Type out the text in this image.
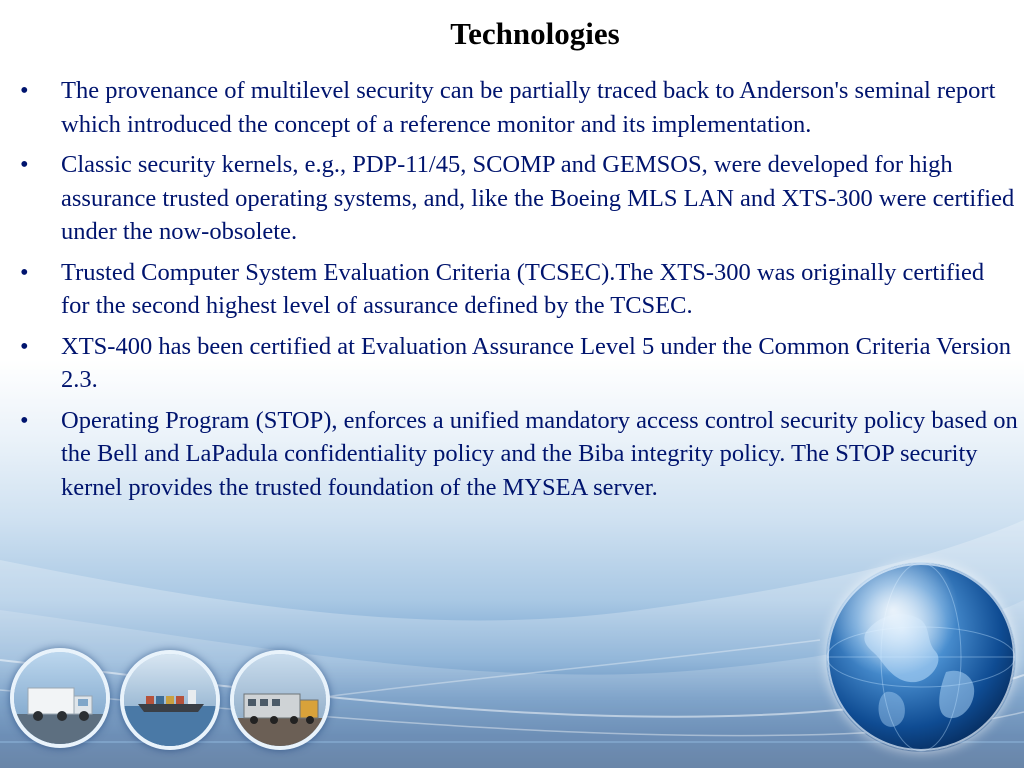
Technologies
• The provenance of multilevel security can be partially traced back to Anderson's seminal report which introduced the concept of a reference monitor and its implementation.
• Classic security kernels, e.g., PDP-11/45, SCOMP and GEMSOS, were developed for high assurance trusted operating systems, and, like the Boeing MLS LAN and XTS-300 were certified under the now-obsolete.
• Trusted Computer System Evaluation Criteria (TCSEC).The XTS-300 was originally certified for the second highest level of assurance defined by the TCSEC.
• XTS-400 has been certified at Evaluation Assurance Level 5 under the Common Criteria Version 2.3.
• Operating Program (STOP), enforces a unified mandatory access control security policy based on the Bell and LaPadula confidentiality policy and the Biba integrity policy. The STOP security kernel provides the trusted foundation of the MYSEA server.
